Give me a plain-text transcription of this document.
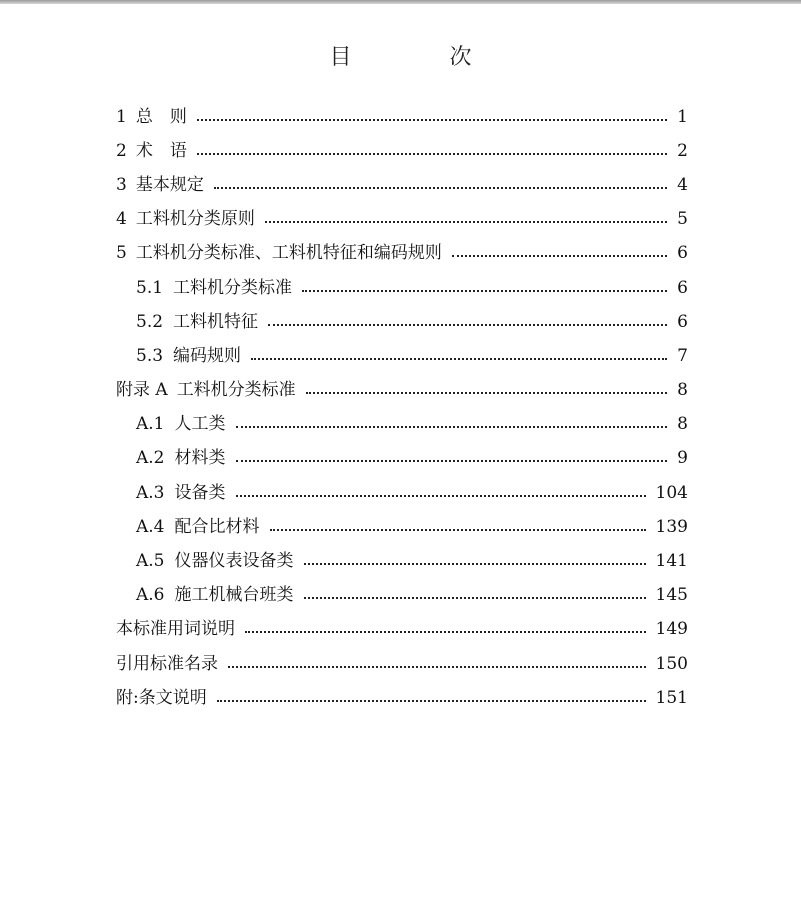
目　次
1 总　则	1
2 术　语	2
3 基本规定	4
4 工料机分类原则	5
5 工料机分类标准、工料机特征和编码规则	6
5.1 工料机分类标准	6
5.2 工料机特征	6
5.3 编码规则	7
附录 A 工料机分类标准	8
A.1 人工类	8
A.2 材料类	9
A.3 设备类	104
A.4 配合比材料	139
A.5 仪器仪表设备类	141
A.6 施工机械台班类	145
本标准用词说明	149
引用标准名录	150
附:条文说明	151
